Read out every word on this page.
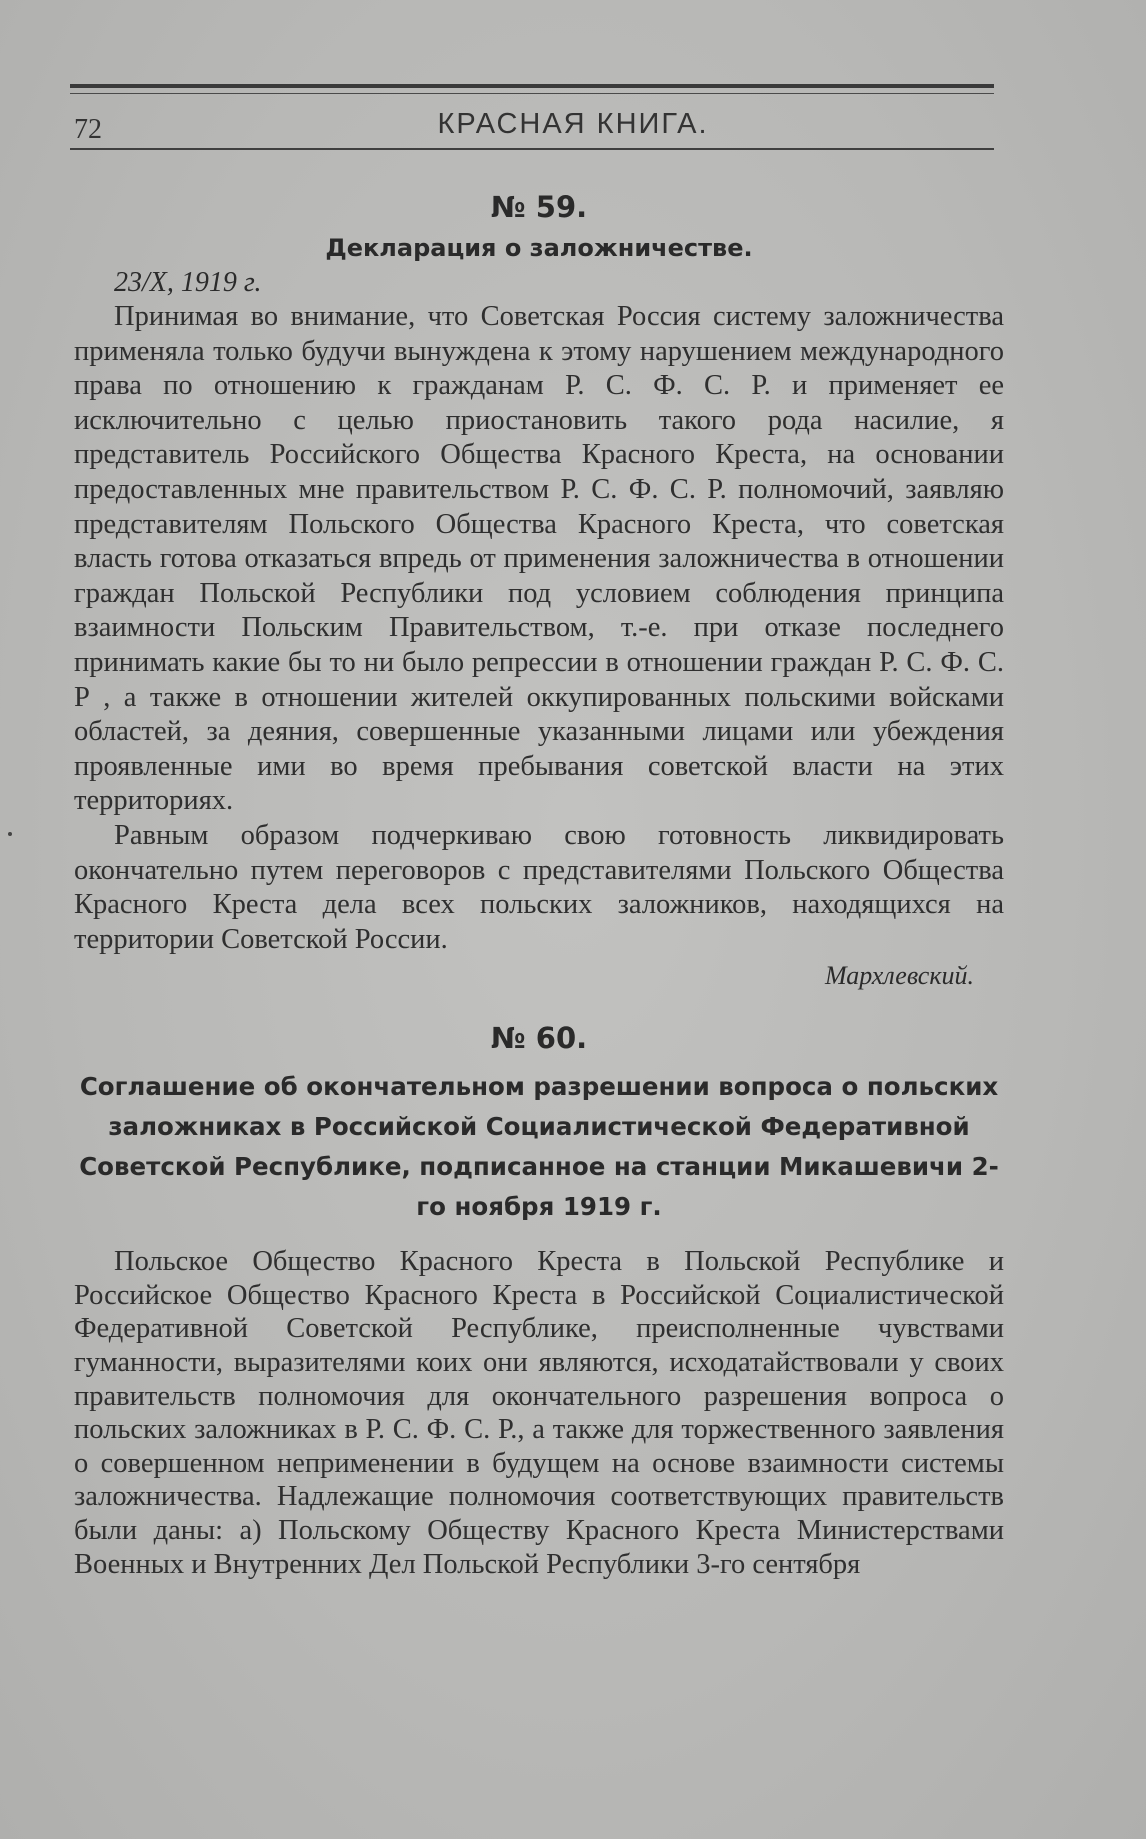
72	КРАСНАЯ КНИГА.

№ 59.

Декларация о заложничестве.

23/X, 1919 г.

Принимая во внимание, что Советская Россия систему заложничества применяла только будучи вынуждена к этому нарушением международного права по отношению к гражданам Р. С. Ф. С. Р. и применяет ее исключительно с целью приостановить такого рода насилие, я представитель Российского Общества Красного Креста, на основании предоставленных мне правительством Р. С. Ф. С. Р. полномочий, заявляю представителям Польского Общества Красного Креста, что советская власть готова отказаться впредь от применения заложничества в отношении граждан Польской Республики под условием соблюдения принципа взаимности Польским Правительством, т.-е. при отказе последнего принимать какие бы то ни было репрессии в отношении граждан Р. С. Ф. С. Р , а также в отношении жителей оккупированных польскими войсками областей, за деяния, совершенные указанными лицами или убеждения проявленные ими во время пребывания советской власти на этих территориях.

Равным образом подчеркиваю свою готовность ликвидировать окончательно путем переговоров с представителями Польского Общества Красного Креста дела всех польских заложников, находящихся на территории Советской России.

Мархлевский.

№ 60.

Соглашение об окончательном разрешении вопроса о польских заложниках в Российской Социалистической Федеративной Советской Республике, подписанное на станции Микашевичи 2-го ноября 1919 г.

Польское Общество Красного Креста в Польской Республике и Российское Общество Красного Креста в Российской Социалистической Федеративной Советской Республике, преисполненные чувствами гуманности, выразителями коих они являются, исходатайствовали у своих правительств полномочия для окончательного разрешения вопроса о польских заложниках в Р. С. Ф. С. Р., а также для торжественного заявления о совершенном неприменении в будущем на основе взаимности системы заложничества. Надлежащие полномочия соответствующих правительств были даны: а) Польскому Обществу Красного Креста Министерствами Военных и Внутренних Дел Польской Республики 3-го сентября
